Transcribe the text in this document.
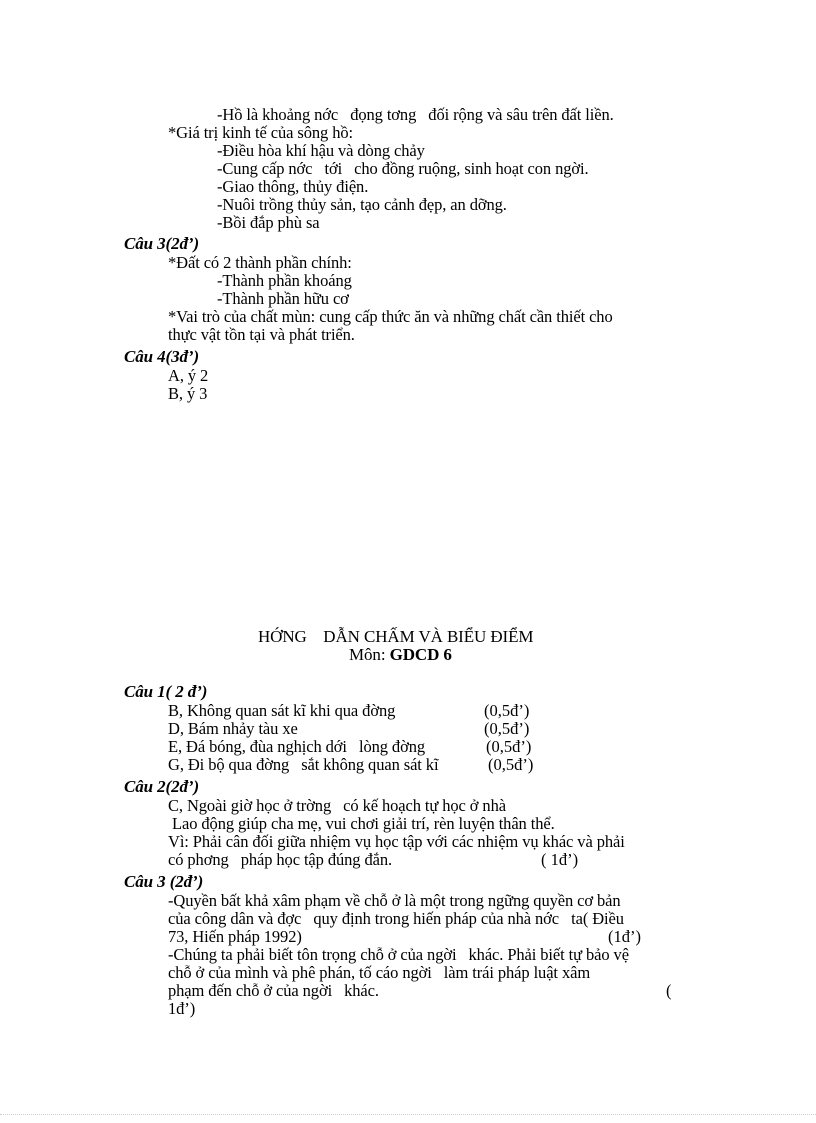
-Hồ là khoảng nớc   đọng tơng   đối rộng và sâu trên đất liền.
*Giá trị kinh tế của sông hồ:
-Điều hòa khí hậu và dòng chảy
-Cung cấp nớc   tới   cho đồng ruộng, sinh hoạt con ngời.
-Giao thông, thủy điện.
-Nuôi trồng thủy sản, tạo cảnh đẹp, an dỡng.
-Bồi đắp phù sa
Câu 3(2đ’)
*Đất có 2 thành phần chính:
-Thành phần khoáng
-Thành phần hữu cơ
*Vai trò của chất mùn: cung cấp thức ăn và những chất cần thiết cho
thực vật tồn tại và phát triển.
Câu 4(3đ’)
A, ý 2
B, ý 3
HỚNG    DẪN CHẤM VÀ BIỂU ĐIỂM
Môn: GDCD 6
Câu 1( 2 đ’)
B, Không quan sát kĩ khi qua đờng	(0,5đ’)
D, Bám nhảy tàu xe	(0,5đ’)
E, Đá bóng, đùa nghịch dới   lòng đờng	(0,5đ’)
G, Đi bộ qua đờng   sắt không quan sát kĩ	(0,5đ’)
Câu 2(2đ’)
C, Ngoài giờ học ở trờng   có kế hoạch tự học ở nhà
Lao động giúp cha mẹ, vui chơi giải trí, rèn luyện thân thể.
Vì: Phải cân đối giữa nhiệm vụ học tập với các nhiệm vụ khác và phải
có phơng   pháp học tập đúng đắn.	( 1đ’)
Câu 3 (2đ’)
-Quyền bất khả xâm phạm về chỗ ở là một trong ngững quyền cơ bản
của công dân và đợc   quy định trong hiến pháp của nhà nớc   ta( Điều
73, Hiến pháp 1992)	(1đ’)
-Chúng ta phải biết tôn trọng chỗ ở của ngời   khác. Phải biết tự bảo vệ
chỗ ở của mình và phê phán, tố cáo ngời   làm trái pháp luật xâm
phạm đến chỗ ở của ngời   khác.	(
1đ’)
